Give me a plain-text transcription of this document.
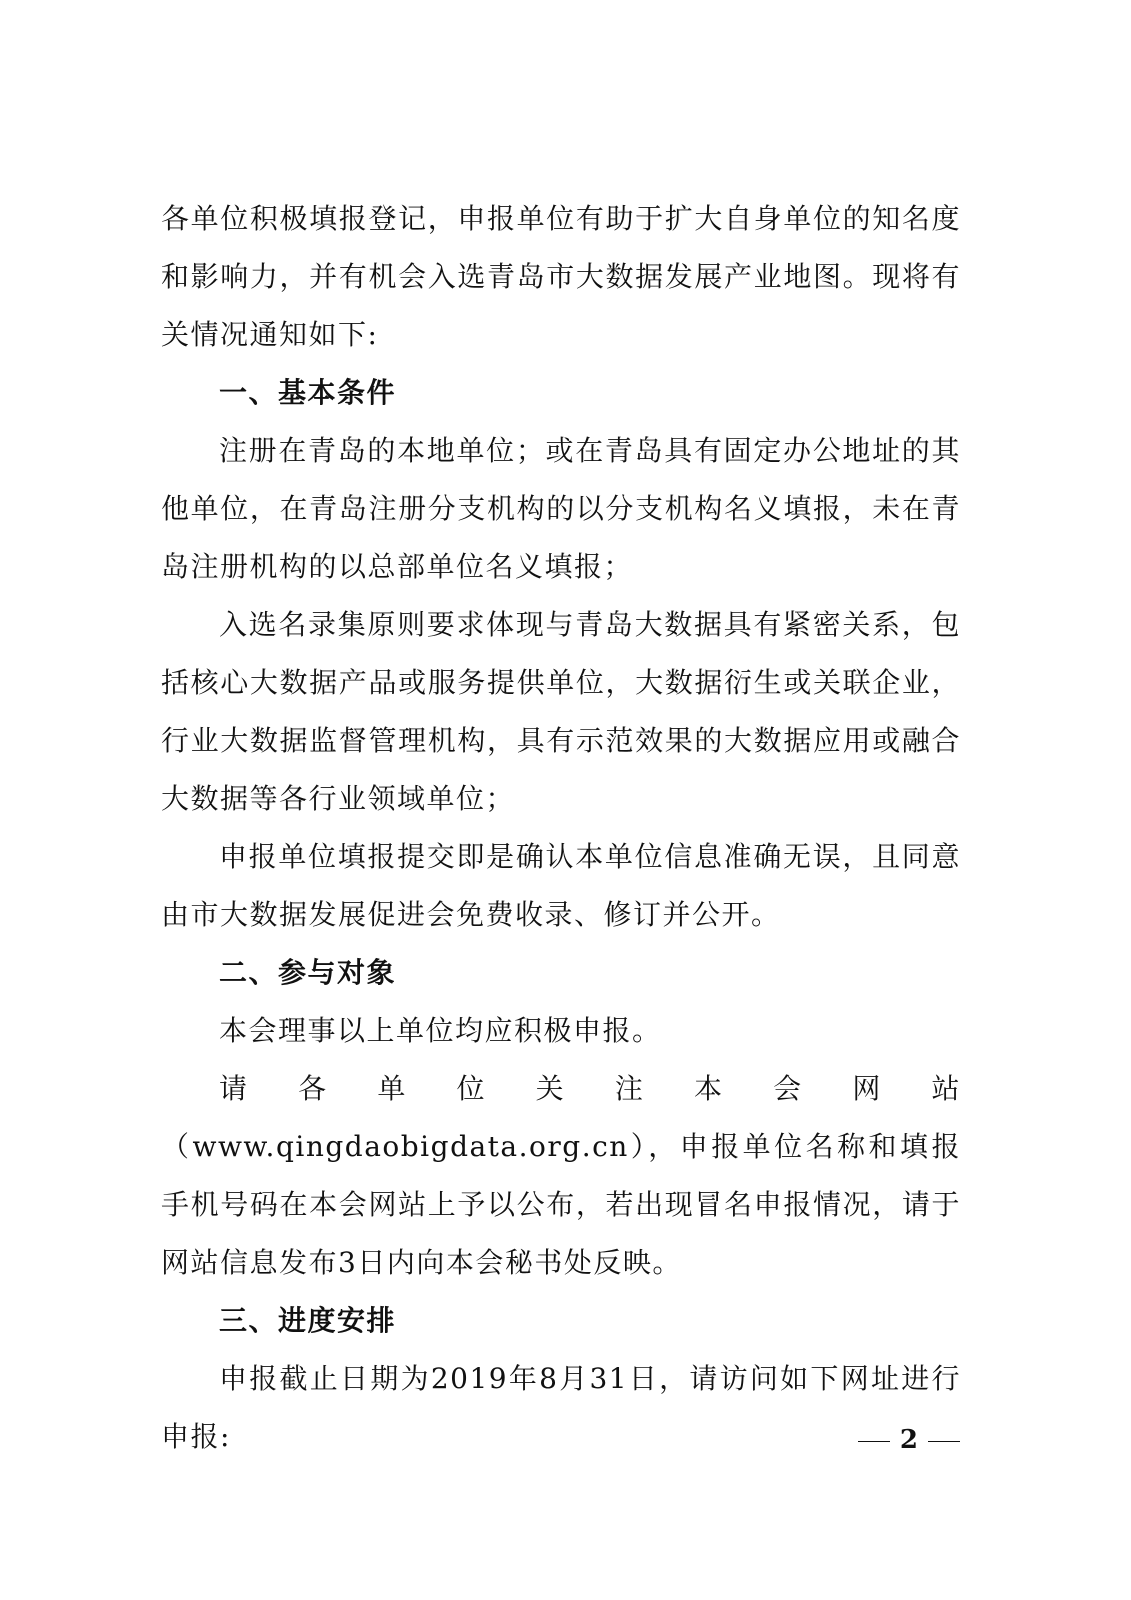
各单位积极填报登记，申报单位有助于扩大自身单位的知名度和影响力，并有机会入选青岛市大数据发展产业地图。现将有关情况通知如下:

一、基本条件

注册在青岛的本地单位；或在青岛具有固定办公地址的其他单位，在青岛注册分支机构的以分支机构名义填报，未在青岛注册机构的以总部单位名义填报；

入选名录集原则要求体现与青岛大数据具有紧密关系，包括核心大数据产品或服务提供单位，大数据衍生或关联企业，行业大数据监督管理机构，具有示范效果的大数据应用或融合大数据等各行业领域单位；

申报单位填报提交即是确认本单位信息准确无误，且同意由市大数据发展促进会免费收录、修订并公开。

二、参与对象

本会理事以上单位均应积极申报。

请各单位关注本会网站（www.qingdaobigdata.org.cn），申报单位名称和填报手机号码在本会网站上予以公布，若出现冒名申报情况，请于网站信息发布3日内向本会秘书处反映。

三、进度安排

申报截止日期为2019年8月31日，请访问如下网址进行申报:	2
